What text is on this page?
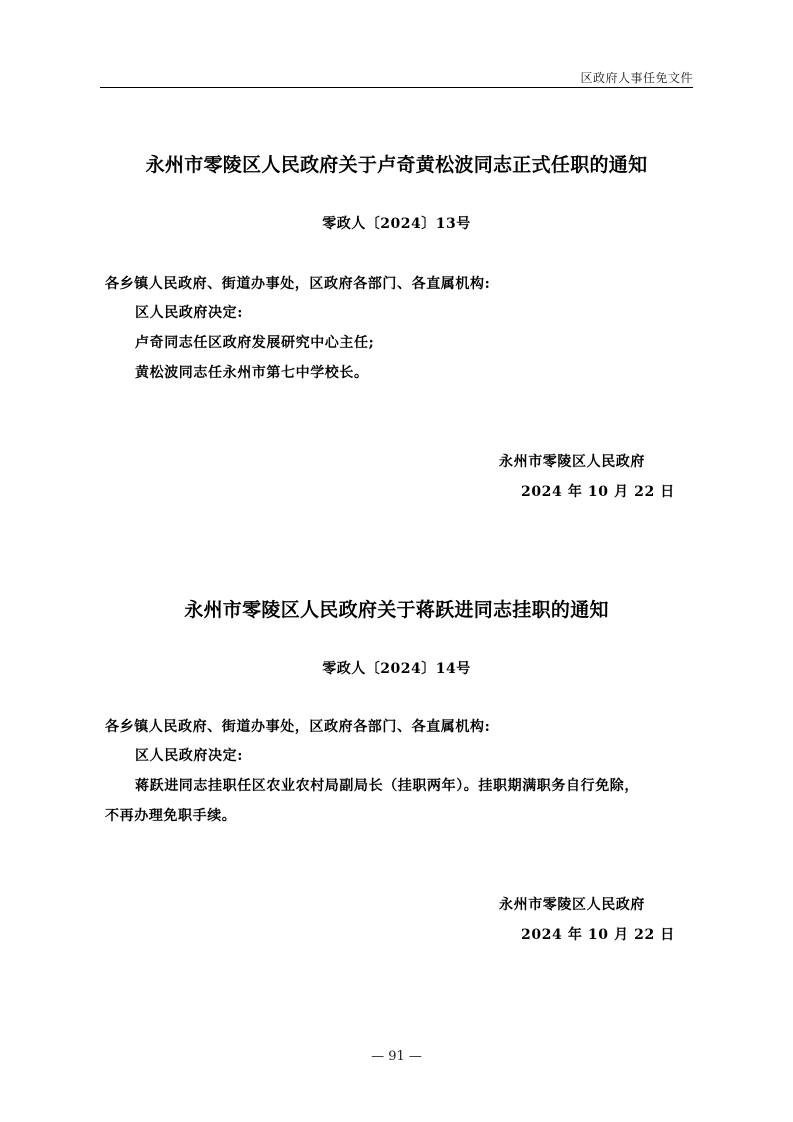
区政府人事任免文件
永州市零陵区人民政府关于卢奇黄松波同志正式任职的通知
零政人〔2024〕13号
各乡镇人民政府、街道办事处，区政府各部门、各直属机构:
区人民政府决定:
卢奇同志任区政府发展研究中心主任;
黄松波同志任永州市第七中学校长。
永州市零陵区人民政府
2024 年 10 月 22 日
永州市零陵区人民政府关于蒋跃进同志挂职的通知
零政人〔2024〕14号
各乡镇人民政府、街道办事处，区政府各部门、各直属机构:
区人民政府决定:
蒋跃进同志挂职任区农业农村局副局长（挂职两年）。挂职期满职务自行免除，
不再办理免职手续。
永州市零陵区人民政府
2024 年 10 月 22 日
— 91 —
